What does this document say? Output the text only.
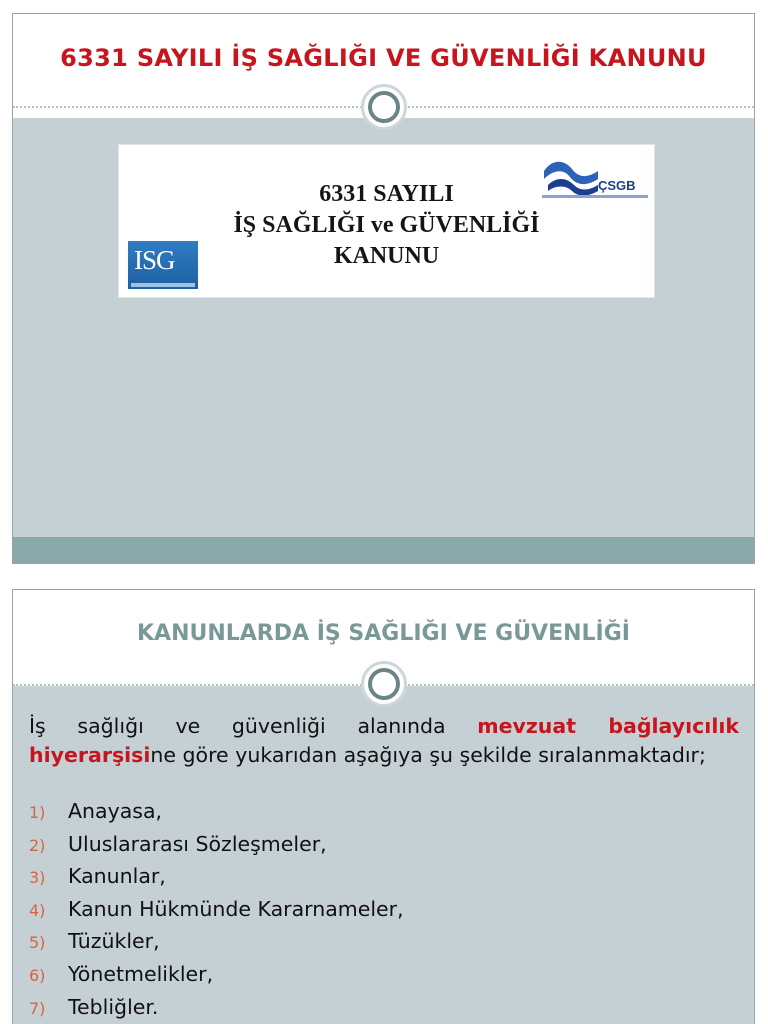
6331 SAYILI İŞ SAĞLIĞI VE GÜVENLİĞİ KANUNU
6331 SAYILI
İŞ SAĞLIĞI ve GÜVENLİĞİ
KANUNU
ISG
ÇSGB
KANUNLARDA İŞ SAĞLIĞI VE GÜVENLİĞİ

İş sağlığı ve güvenliği alanında mevzuat bağlayıcılık hiyerarşisine göre yukarıdan aşağıya şu şekilde sıralanmaktadır;

1) Anayasa,
2) Uluslararası Sözleşmeler,
3) Kanunlar,
4) Kanun Hükmünde Kararnameler,
5) Tüzükler,
6) Yönetmelikler,
7) Tebliğler.
